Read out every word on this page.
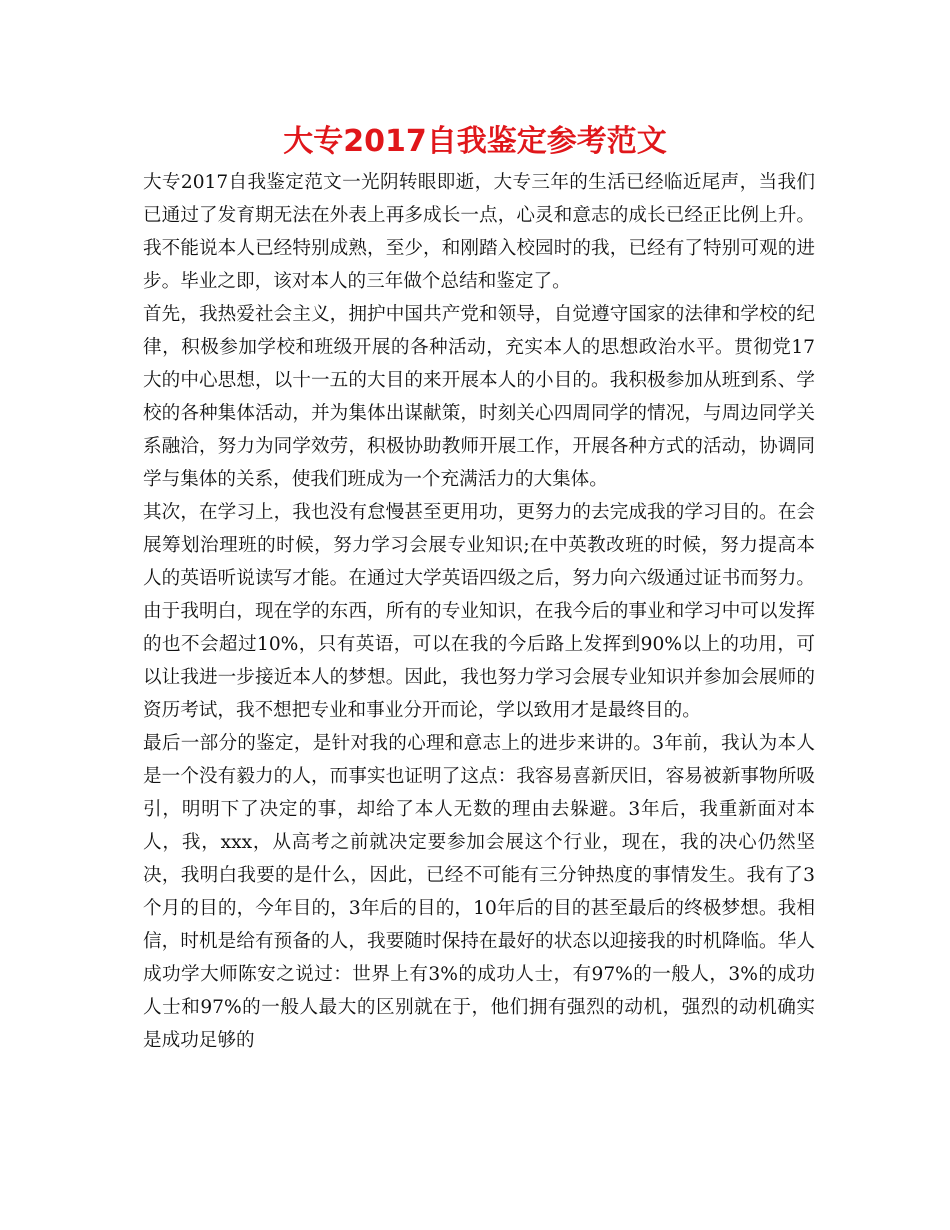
大专2017自我鉴定参考范文

大专2017自我鉴定范文一光阴转眼即逝，大专三年的生活已经临近尾声，当我们已通过了发育期无法在外表上再多成长一点，心灵和意志的成长已经正比例上升。我不能说本人已经特别成熟，至少，和刚踏入校园时的我，已经有了特别可观的进步。毕业之即，该对本人的三年做个总结和鉴定了。

首先，我热爱社会主义，拥护中国共产党和领导，自觉遵守国家的法律和学校的纪律，积极参加学校和班级开展的各种活动，充实本人的思想政治水平。贯彻党17大的中心思想，以十一五的大目的来开展本人的小目的。我积极参加从班到系、学校的各种集体活动，并为集体出谋献策，时刻关心四周同学的情况，与周边同学关系融洽，努力为同学效劳，积极协助教师开展工作，开展各种方式的活动，协调同学与集体的关系，使我们班成为一个充满活力的大集体。

其次，在学习上，我也没有怠慢甚至更用功，更努力的去完成我的学习目的。在会展筹划治理班的时候，努力学习会展专业知识;在中英教改班的时候，努力提高本人的英语听说读写才能。在通过大学英语四级之后，努力向六级通过证书而努力。由于我明白，现在学的东西，所有的专业知识，在我今后的事业和学习中可以发挥的也不会超过10%，只有英语，可以在我的今后路上发挥到90%以上的功用，可以让我进一步接近本人的梦想。因此，我也努力学习会展专业知识并参加会展师的资历考试，我不想把专业和事业分开而论，学以致用才是最终目的。

最后一部分的鉴定，是针对我的心理和意志上的进步来讲的。3年前，我认为本人是一个没有毅力的人，而事实也证明了这点：我容易喜新厌旧，容易被新事物所吸引，明明下了决定的事，却给了本人无数的理由去躲避。3年后，我重新面对本人，我，xxx，从高考之前就决定要参加会展这个行业，现在，我的决心仍然坚决，我明白我要的是什么，因此，已经不可能有三分钟热度的事情发生。我有了3个月的目的，今年目的，3年后的目的，10年后的目的甚至最后的终极梦想。我相信，时机是给有预备的人，我要随时保持在最好的状态以迎接我的时机降临。华人成功学大师陈安之说过：世界上有3%的成功人士，有97%的一般人，3%的成功人士和97%的一般人最大的区别就在于，他们拥有强烈的动机，强烈的动机确实是成功足够的
